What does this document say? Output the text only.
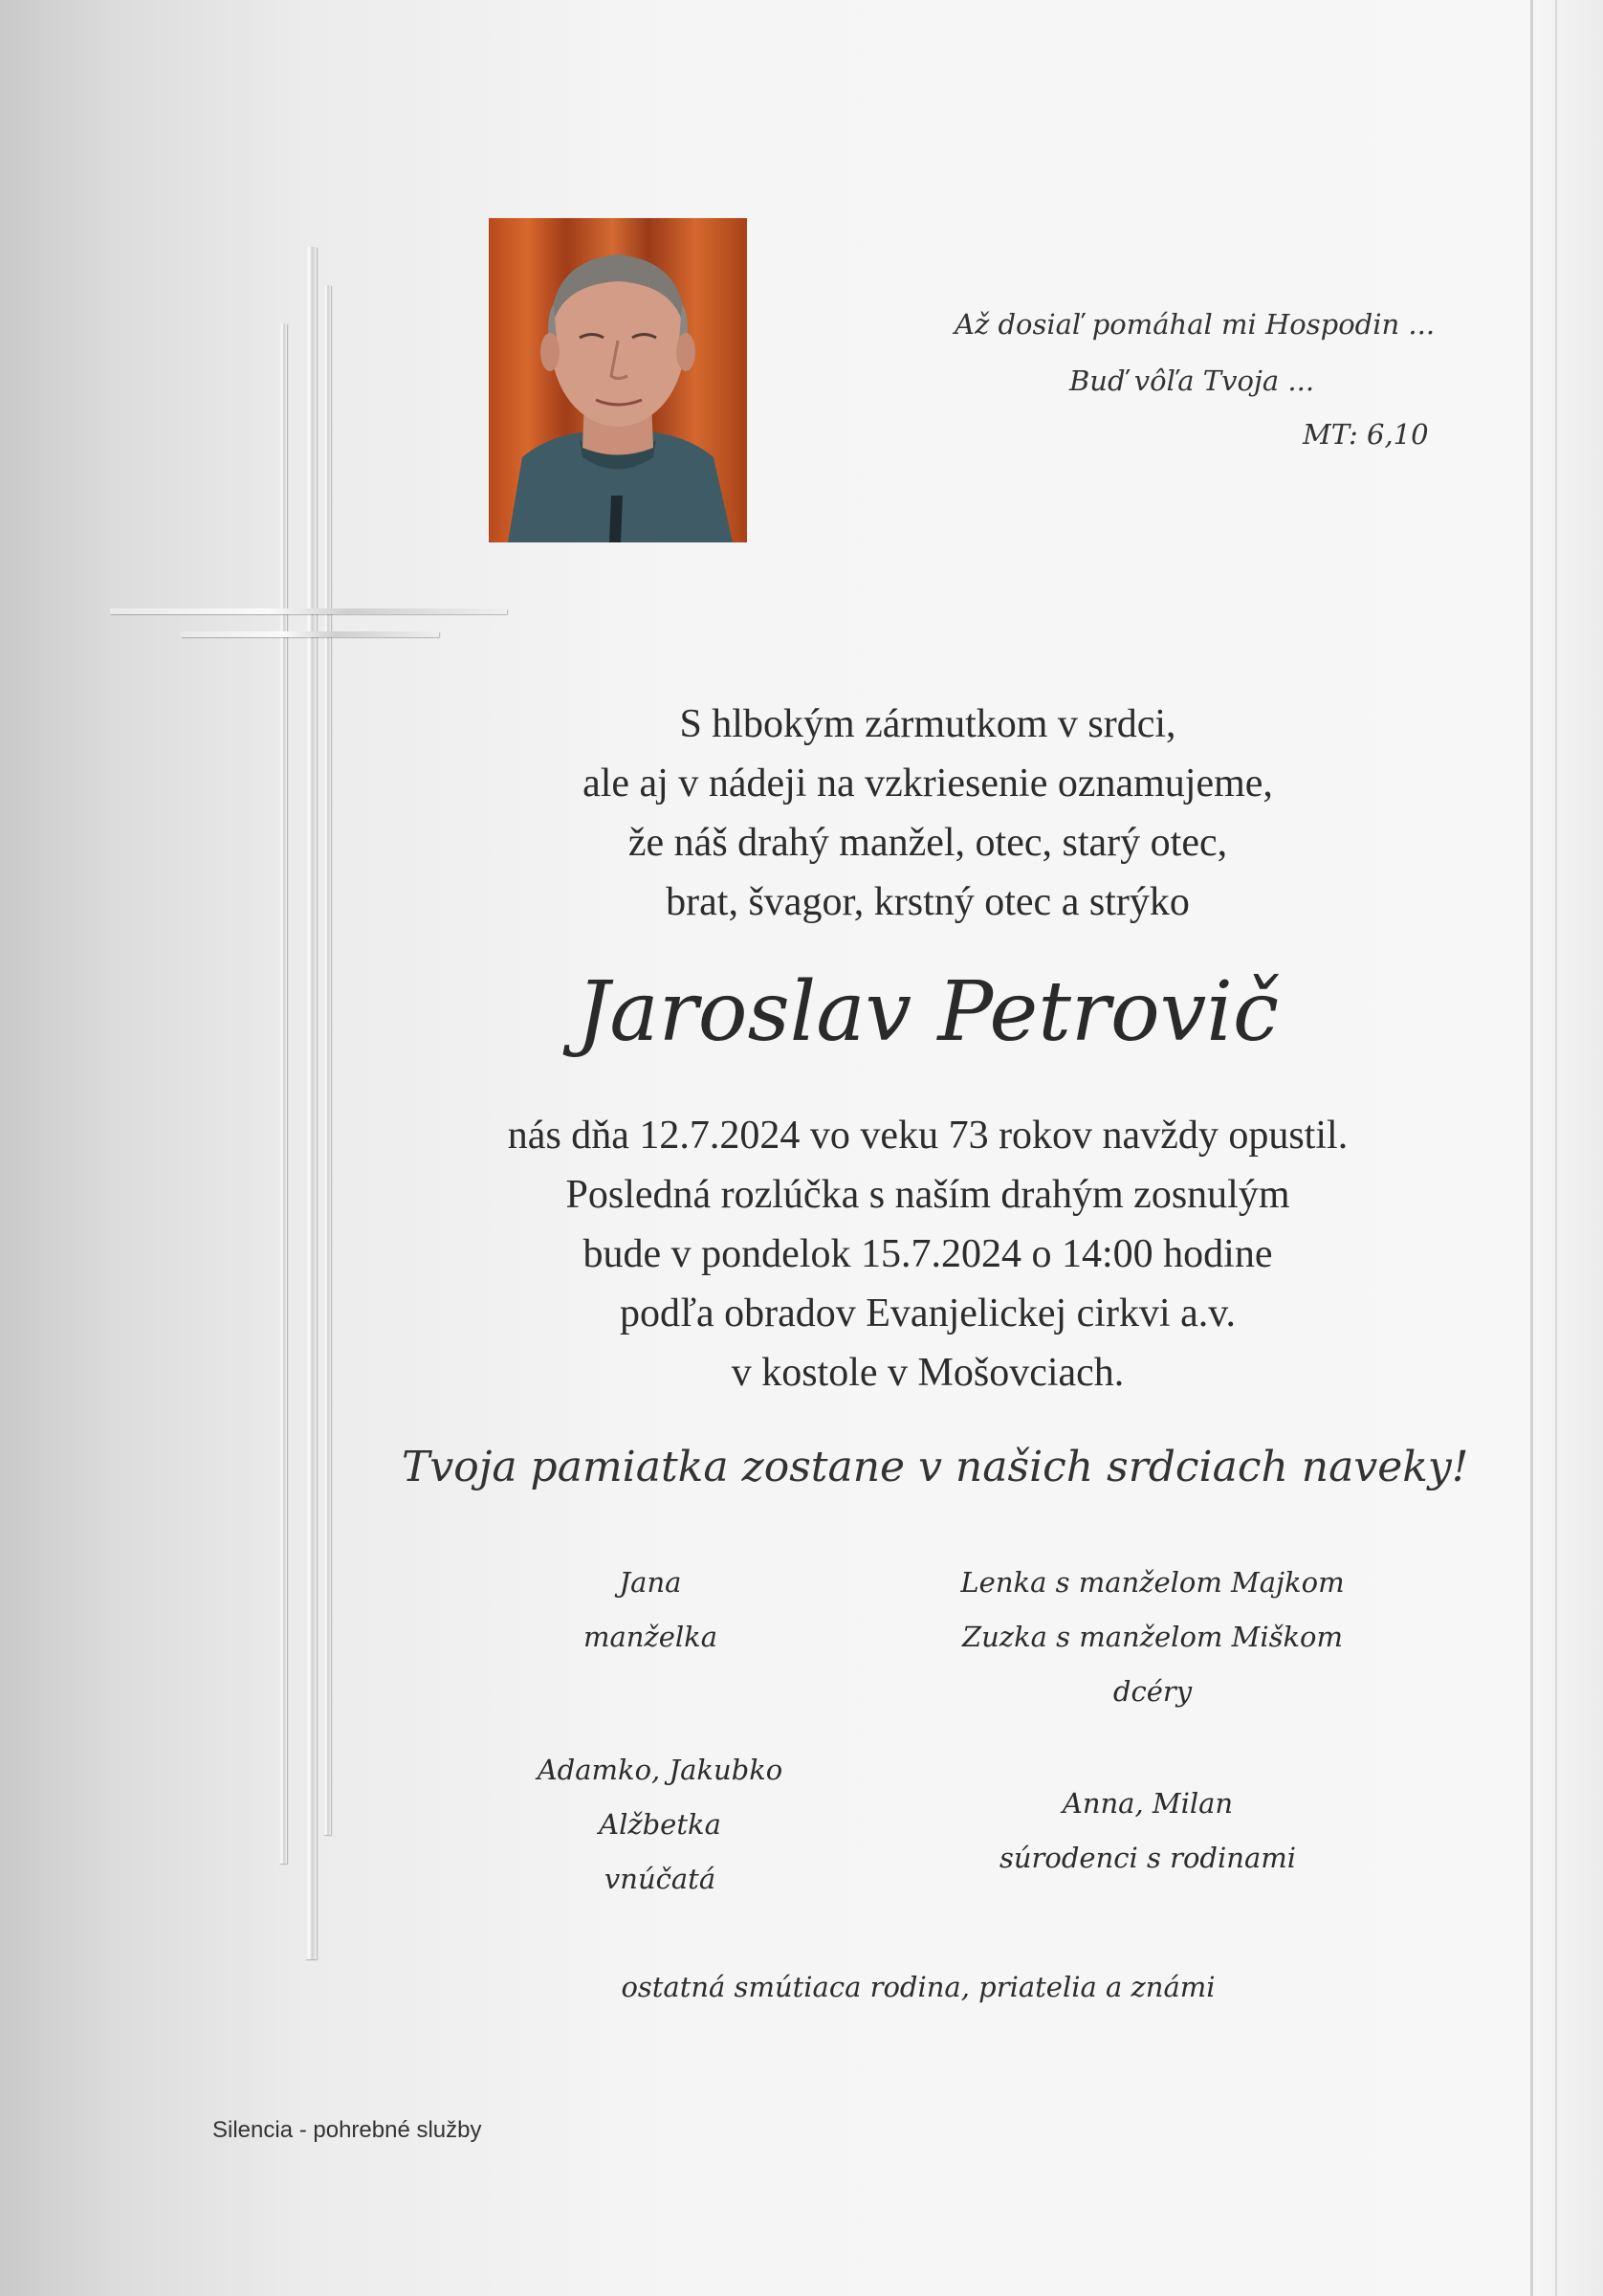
Až dosiaľ pomáhal mi Hospodin ...
Buď vôľa Tvoja ...
MT: 6,10
S hlbokým zármutkom v srdci,
ale aj v nádeji na vzkriesenie oznamujeme,
že náš drahý manžel, otec, starý otec,
brat, švagor, krstný otec a strýko
Jaroslav Petrovič
nás dňa 12.7.2024 vo veku 73 rokov navždy opustil.
Posledná rozlúčka s naším drahým zosnulým
bude v pondelok 15.7.2024 o 14:00 hodine
podľa obradov Evanjelickej cirkvi a.v.
v kostole v Mošovciach.
Tvoja pamiatka zostane v našich srdciach naveky!
Jana
manželka
Lenka s manželom Majkom
Zuzka s manželom Miškom
dcéry
Adamko, Jakubko
Alžbetka
vnúčatá
Anna, Milan
súrodenci s rodinami
ostatná smútiaca rodina, priatelia a známi
Silencia - pohrebné služby
